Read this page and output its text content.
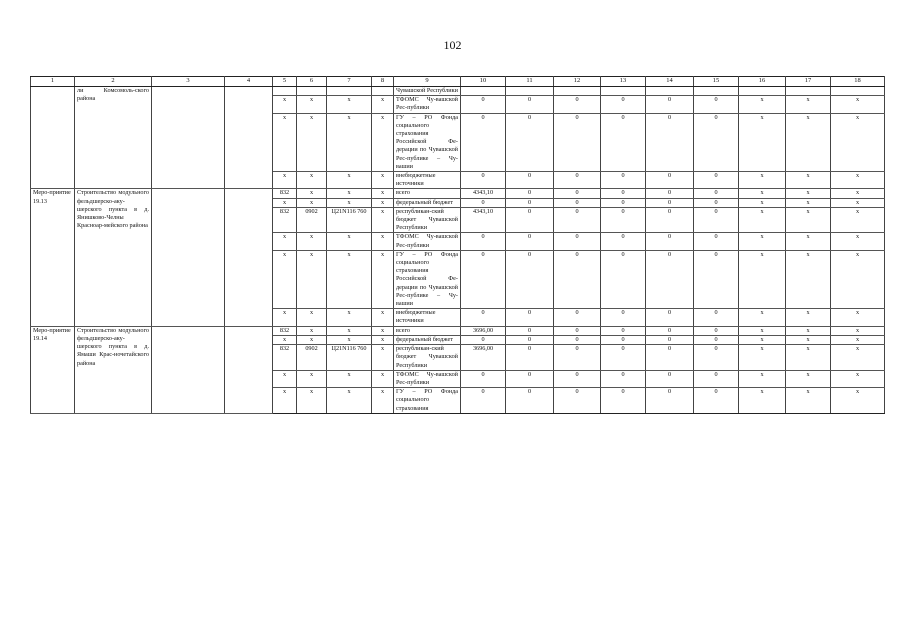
102
1	2	3	4	5	6	7	8	9	10	11	12	13	14	15	16	17	18
	ли Комсомоль-ского района							Чувашской Республики									
				x	x	x	x	ТФОМС Чу-вашской Рес-публики	0	0	0	0	0	0	x	x	x
				x	x	x	x	ГУ – РО Фонда социального страхования Российской Фе-дерации по Чувашской Рес-публике – Чу-вашии	0	0	0	0	0	0	x	x	x
				x	x	x	x	внебюджетные источники	0	0	0	0	0	0	x	x	x
Меро-приятие 19.13	Строительство модульного фельдшерско-аку-шерского пункта в д. Янишково-Челны Красноар-мейского района			832	x	x	x	всего	4343,10	0	0	0	0	0	x	x	x
				x	x	x	x	федеральный бюджет	0	0	0	0	0	0	x	x	x
				832	0902	Ц21N116 760	x	республикан-ский бюджет Чувашской Республики	4343,10	0	0	0	0	0	x	x	x
				x	x	x	x	ТФОМС Чу-вашской Рес-публики	0	0	0	0	0	0	x	x	x
				x	x	x	x	ГУ – РО Фонда социального страхования Российской Фе-дерации по Чувашской Рес-публике – Чу-вашии	0	0	0	0	0	0	x	x	x
				x	x	x	x	внебюджетные источники	0	0	0	0	0	0	x	x	x
Меро-приятие 19.14	Строительство модульного фельдшерско-аку-шерского пункта в д. Ямаши Крас-ночетайского района			832	x	x	x	всего	3696,00	0	0	0	0	0	x	x	x
				x	x	x	x	федеральный бюджет	0	0	0	0	0	0	x	x	x
				832	0902	Ц21N116 760	x	республикан-ский бюджет Чувашской Республики	3696,00	0	0	0	0	0	x	x	x
				x	x	x	x	ТФОМС Чу-вашской Рес-публики	0	0	0	0	0	0	x	x	x
				x	x	x	x	ГУ – РО Фонда социального страхования	0	0	0	0	0	0	x	x	x
